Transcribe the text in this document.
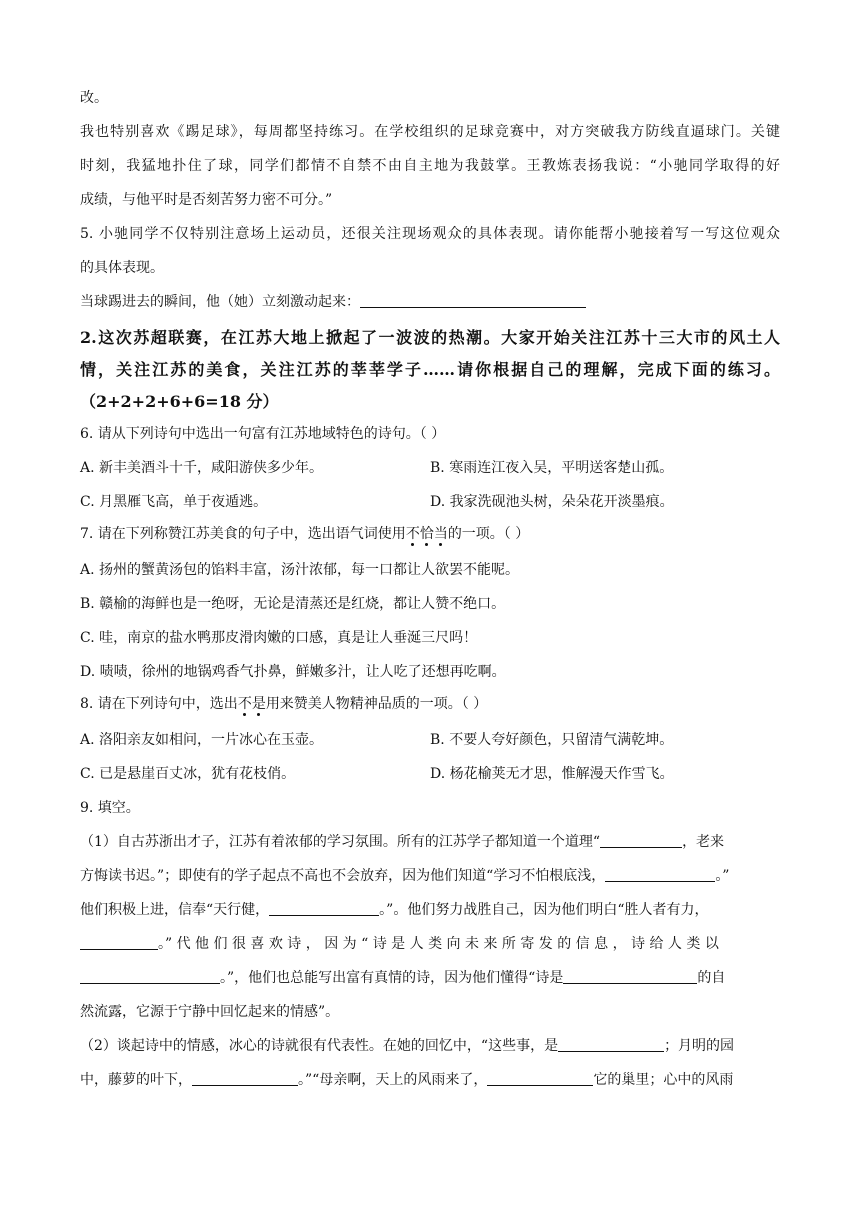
改。
我也特别喜欢《踢足球》，每周都坚持练习。在学校组织的足球竞赛中，对方突破我方防线直逼球门。关键
时刻，我猛地扑住了球，同学们都情不自禁不由自主地为我鼓掌。王教炼表扬我说：“小驰同学取得的好
成绩，与他平时是否刻苦努力密不可分。”
5. 小驰同学不仅特别注意场上运动员，还很关注现场观众的具体表现。请你能帮小驰接着写一写这位观众
的具体表现。
当球踢进去的瞬间，他（她）立刻激动起来：
2.这次苏超联赛，在江苏大地上掀起了一波波的热潮。大家开始关注江苏十三大市的风土人
情，关注江苏的美食，关注江苏的莘莘学子……请你根据自己的理解，完成下面的练习。
（2+2+2+6+6=18 分）
6. 请从下列诗句中选出一句富有江苏地域特色的诗句。（ ）
A. 新丰美酒斗十千，咸阳游侠多少年。	B. 寒雨连江夜入吴，平明送客楚山孤。
C. 月黑雁飞高，单于夜遁逃。	D. 我家洗砚池头树，朵朵花开淡墨痕。
7. 请在下列称赞江苏美食的句子中，选出语气词使用不恰当的一项。（ ）
A. 扬州的蟹黄汤包的馅料丰富，汤汁浓郁，每一口都让人欲罢不能呢。
B. 赣榆的海鲜也是一绝呀，无论是清蒸还是红烧，都让人赞不绝口。
C. 哇，南京的盐水鸭那皮滑肉嫩的口感，真是让人垂涎三尺吗！
D. 啧啧，徐州的地锅鸡香气扑鼻，鲜嫩多汁，让人吃了还想再吃啊。
8. 请在下列诗句中，选出不是用来赞美人物精神品质的一项。（ ）
A. 洛阳亲友如相问，一片冰心在玉壶。	B. 不要人夸好颜色，只留清气满乾坤。
C. 已是悬崖百丈冰，犹有花枝俏。	D. 杨花榆荚无才思，惟解漫天作雪飞。
9. 填空。
（1）自古苏浙出才子，江苏有着浓郁的学习氛围。所有的江苏学子都知道一个道理“	，老来
方悔读书迟。”；即使有的学子起点不高也不会放弃，因为他们知道“学习不怕根底浅，	。”
他们积极上进，信奉“天行健，	。”。他们努力战胜自己，因为他们明白“胜人者有力，
。” 代 他 们 很 喜 欢 诗 ， 因 为 “ 诗 是 人 类 向 未 来 所 寄 发 的 信 息 ， 诗 给 人 类 以
。”，他们也总能写出富有真情的诗，因为他们懂得“诗是	的自
然流露，它源于宁静中回忆起来的情感”。
（2）谈起诗中的情感，冰心的诗就很有代表性。在她的回忆中，“这些事，是	；月明的园
中，藤萝的叶下，	。”“母亲啊，天上的风雨来了，	它的巢里；心中的风雨
